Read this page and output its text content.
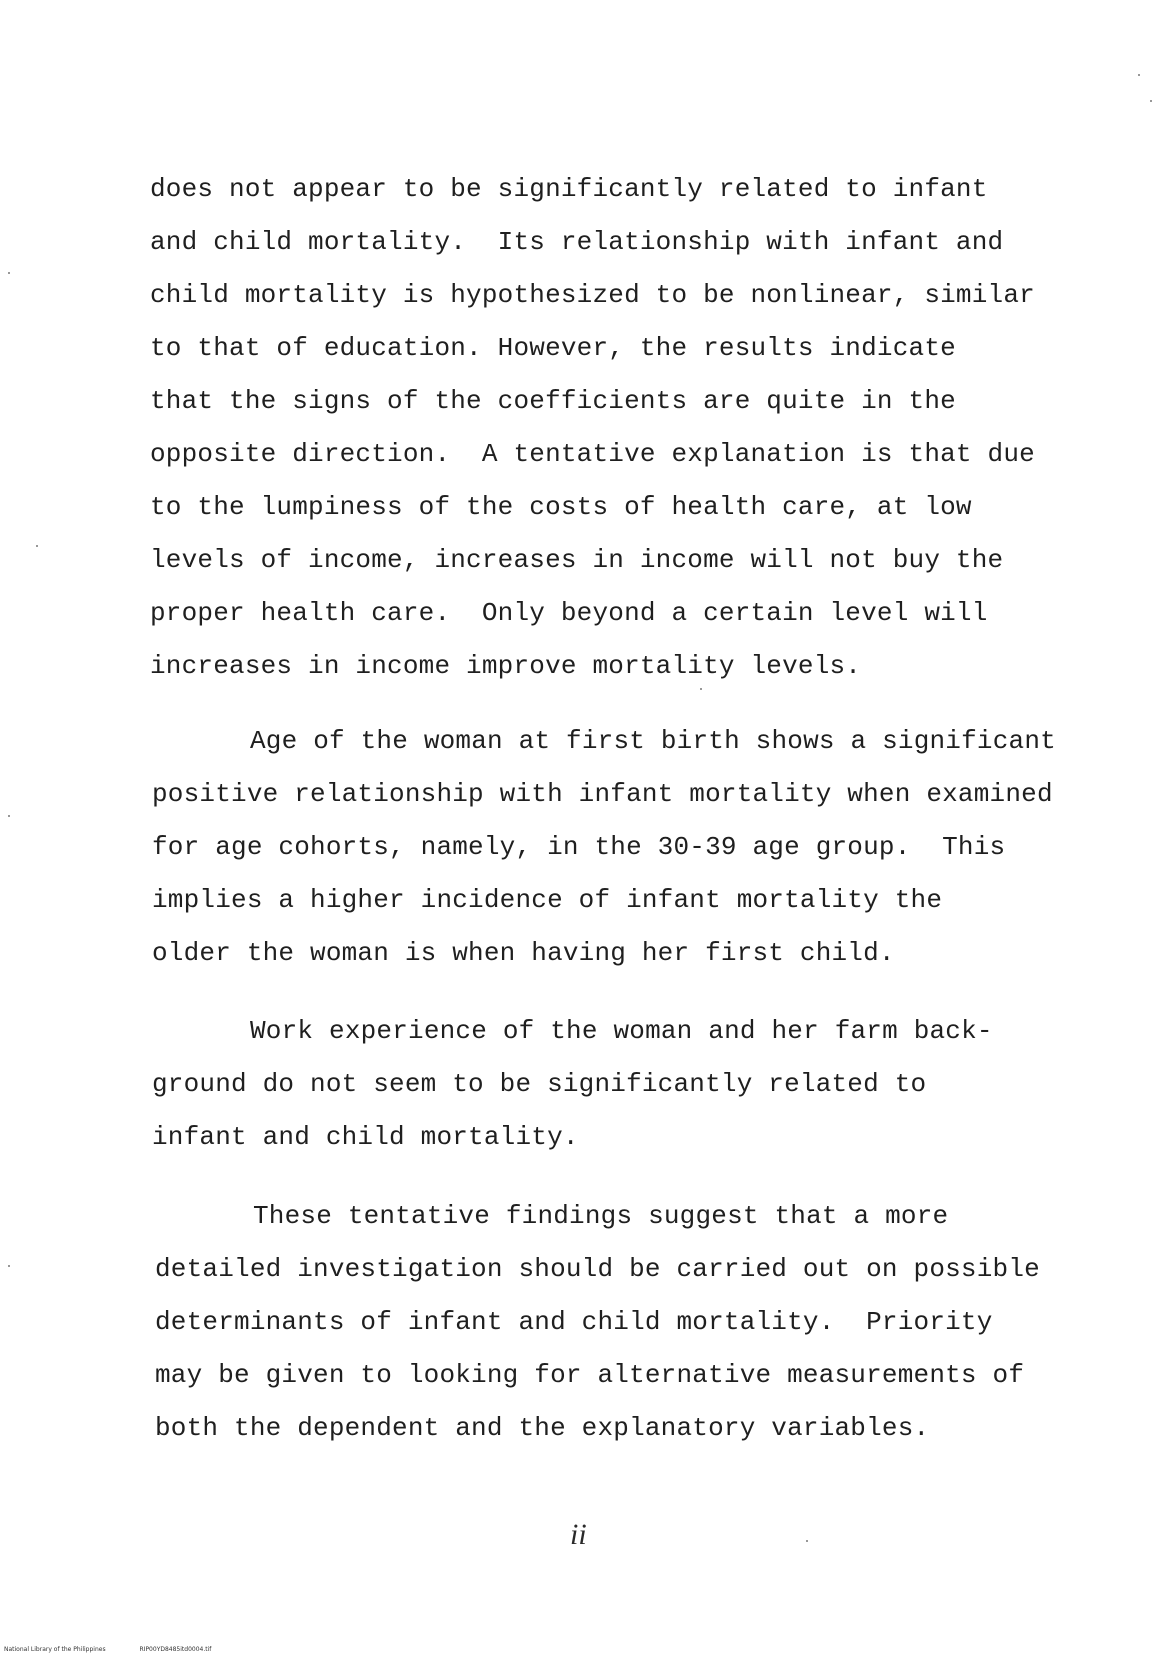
does not appear to be significantly related to infant
and child mortality.  Its relationship with infant and
child mortality is hypothesized to be nonlinear, similar
to that of education. However, the results indicate
that the signs of the coefficients are quite in the
opposite direction.  A tentative explanation is that due
to the lumpiness of the costs of health care, at low
levels of income, increases in income will not buy the
proper health care.  Only beyond a certain level will
increases in income improve mortality levels.
Age of the woman at first birth shows a significant
positive relationship with infant mortality when examined
for age cohorts, namely, in the 30-39 age group.  This
implies a higher incidence of infant mortality the
older the woman is when having her first child.
Work experience of the woman and her farm back-
ground do not seem to be significantly related to
infant and child mortality.
These tentative findings suggest that a more
detailed investigation should be carried out on possible
determinants of infant and child mortality.  Priority
may be given to looking for alternative measurements of
both the dependent and the explanatory variables.
ii
National Library of the Philippines	RIP00YD8485itd0004.tif
